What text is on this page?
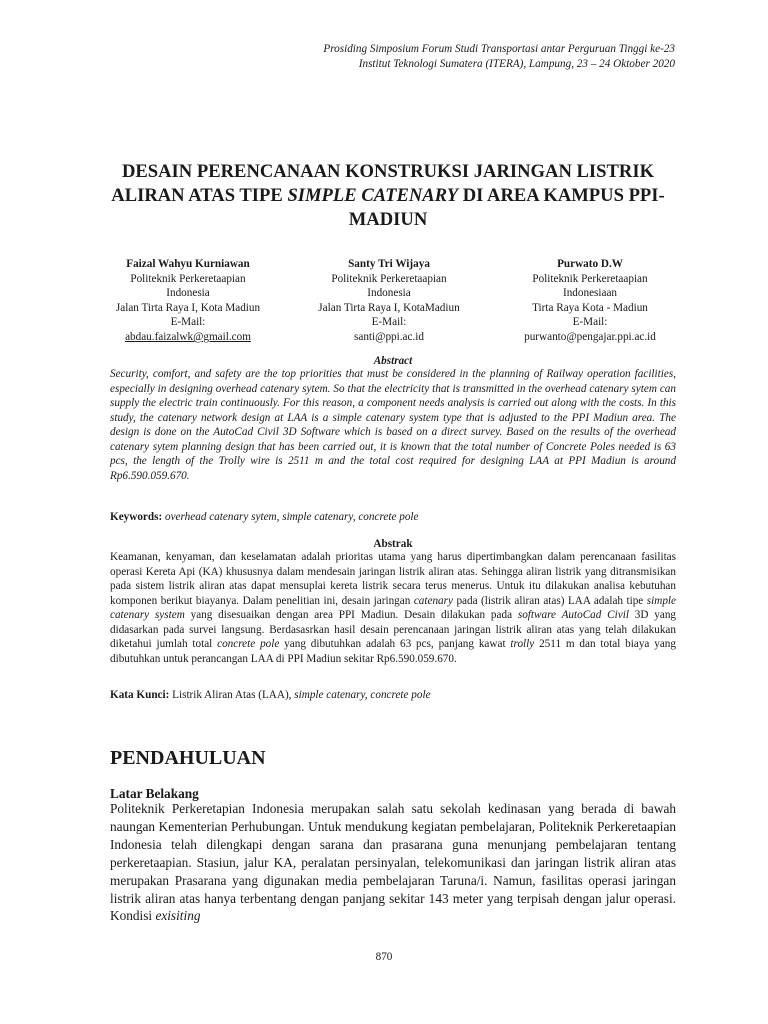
Prosiding Simposium Forum Studi Transportasi antar Perguruan Tinggi ke-23
Institut Teknologi Sumatera (ITERA), Lampung, 23 – 24 Oktober 2020
DESAIN PERENCANAAN KONSTRUKSI JARINGAN LISTRIK ALIRAN ATAS TIPE SIMPLE CATENARY DI AREA KAMPUS PPI-MADIUN
Faizal Wahyu Kurniawan
Politeknik Perkeretaapian
Indonesia
Jalan Tirta Raya I, Kota Madiun
E-Mail:
abdau.faizalwk@gmail.com
Santy Tri Wijaya
Politeknik Perkeretaapian
Indonesia
Jalan Tirta Raya I, KotaMadiun
E-Mail:
santi@ppi.ac.id
Purwato D.W
Politeknik Perkeretaapian
Indonesiaan
Tirta Raya Kota - Madiun
E-Mail:
purwanto@pengajar.ppi.ac.id
Abstract

Security, comfort, and safety are the top priorities that must be considered in the planning of Railway operation facilities, especially in designing overhead catenary sytem. So that the electricity that is transmitted in the overhead catenary sytem can supply the electric train continuously. For this reason, a component needs analysis is carried out along with the costs. In this study, the catenary network design at LAA is a simple catenary system type that is adjusted to the PPI Madiun area. The design is done on the AutoCad Civil 3D Software which is based on a direct survey. Based on the results of the overhead catenary sytem planning design that has been carried out, it is known that the total number of Concrete Poles needed is 63 pcs, the length of the Trolly wire is 2511 m and the total cost required for designing LAA at PPI Madiun is around Rp6.590.059.670.

Keywords: overhead catenary sytem, simple catenary, concrete pole
Abstrak

Keamanan, kenyaman, dan keselamatan adalah prioritas utama yang harus dipertimbangkan dalam perencanaan fasilitas operasi Kereta Api (KA) khususnya dalam mendesain jaringan listrik aliran atas. Sehingga aliran listrik yang ditransmisikan pada sistem listrik aliran atas dapat mensuplai kereta listrik secara terus menerus. Untuk itu dilakukan analisa kebutuhan komponen berikut biayanya. Dalam penelitian ini, desain jaringan catenary pada (listrik aliran atas) LAA adalah tipe simple catenary system yang disesuaikan dengan area PPI Madiun. Desain dilakukan pada software AutoCad Civil 3D yang didasarkan pada survei langsung. Berdasasrkan hasil desain perencanaan jaringan listrik aliran atas yang telah dilakukan diketahui jumlah total concrete pole yang dibutuhkan adalah 63 pcs, panjang kawat trolly 2511 m dan total biaya yang dibutuhkan untuk perancangan LAA di PPI Madiun sekitar Rp6.590.059.670.

Kata Kunci: Listrik Aliran Atas (LAA), simple catenary, concrete pole
PENDAHULUAN
Latar Belakang

Politeknik Perkeretapian Indonesia merupakan salah satu sekolah kedinasan yang berada di bawah naungan Kementerian Perhubungan. Untuk mendukung kegiatan pembelajaran, Politeknik Perkeretaapian Indonesia telah dilengkapi dengan sarana dan prasarana guna menunjang pembelajaran tentang perkeretaapian. Stasiun, jalur KA, peralatan persinyalan, telekomunikasi dan jaringan listrik aliran atas merupakan Prasarana yang digunakan media pembelajaran Taruna/i. Namun, fasilitas operasi jaringan listrik aliran atas hanya terbentang dengan panjang sekitar 143 meter yang terpisah dengan jalur operasi. Kondisi exisiting

870
